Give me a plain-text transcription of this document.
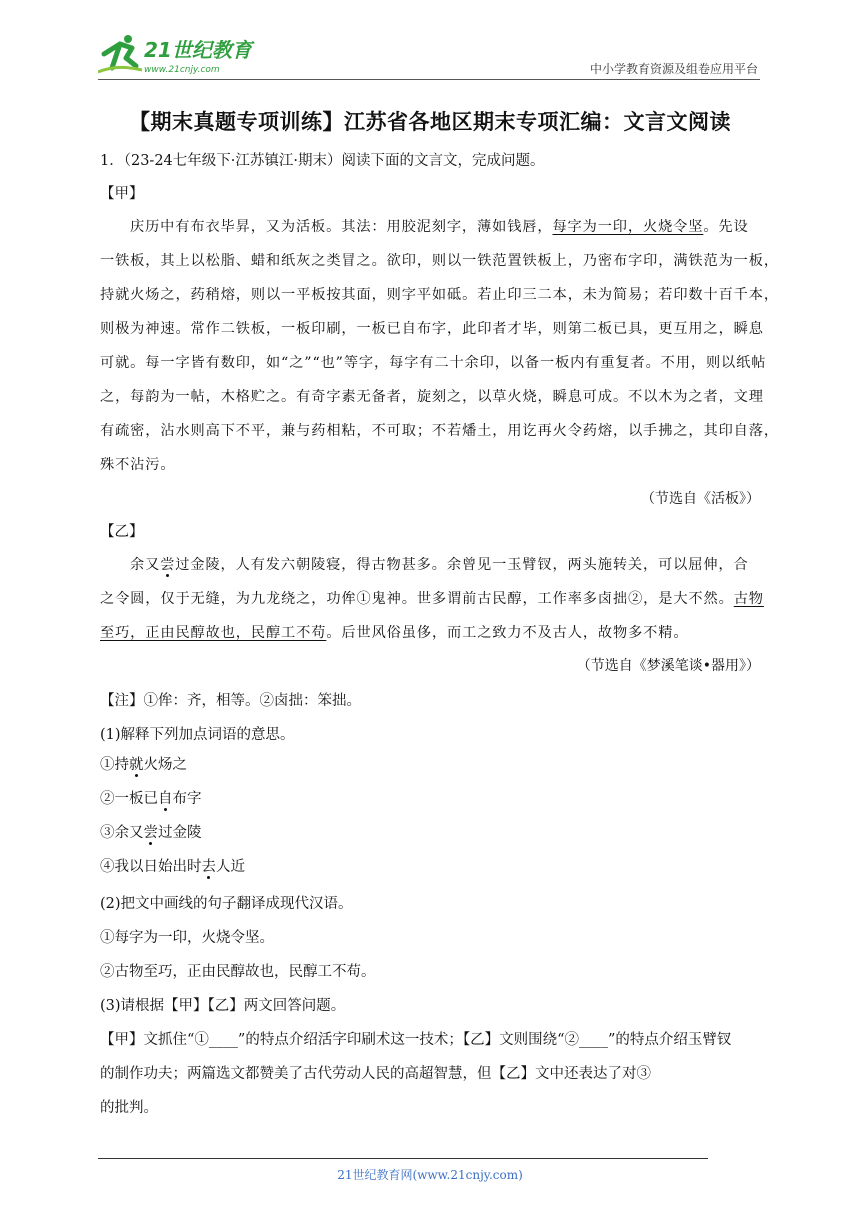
21世纪教育
www.21cnjy.com	中小学教育资源及组卷应用平台
【期末真题专项训练】江苏省各地区期末专项汇编：文言文阅读
1．（23-24七年级下·江苏镇江·期末）阅读下面的文言文，完成问题。
【甲】
庆历中有布衣毕昇，又为活板。其法：用胶泥刻字，薄如钱唇，每字为一印，火烧令坚。先设
一铁板，其上以松脂、蜡和纸灰之类冒之。欲印，则以一铁范置铁板上，乃密布字印，满铁范为一板，
持就火炀之，药稍熔，则以一平板按其面，则字平如砥。若止印三二本，未为简易；若印数十百千本，
则极为神速。常作二铁板，一板印刷，一板已自布字，此印者才毕，则第二板已具，更互用之，瞬息
可就。每一字皆有数印，如“之”“也”等字，每字有二十余印，以备一板内有重复者。不用，则以纸帖
之，每韵为一帖，木格贮之。有奇字素无备者，旋刻之，以草火烧，瞬息可成。不以木为之者，文理
有疏密，沾水则高下不平，兼与药相粘，不可取；不若燔土，用讫再火令药熔，以手拂之，其印自落，
殊不沾污。
（节选自《活板》）
【乙】
余又尝过金陵，人有发六朝陵寝，得古物甚多。余曾见一玉臂钗，两头施转关，可以屈伸，合
之令圆，仅于无缝，为九龙绕之，功侔①鬼神。世多谓前古民醇，工作率多卤拙②，是大不然。古物
至巧，正由民醇故也，民醇工不苟。后世风俗虽侈，而工之致力不及古人，故物多不精。
（节选自《梦溪笔谈•器用》）
【注】①侔：齐，相等。②卤拙：笨拙。
(1)解释下列加点词语的意思。
①持就火炀之
②一板已自布字
③余又尝过金陵
④我以日始出时去人近
(2)把文中画线的句子翻译成现代汉语。
①每字为一印，火烧令坚。
②古物至巧，正由民醇故也，民醇工不苟。
(3)请根据【甲】【乙】两文回答问题。
【甲】文抓住“①____”的特点介绍活字印刷术这一技术；【乙】文则围绕“②____”的特点介绍玉臂钗
的制作功夫；两篇选文都赞美了古代劳动人民的高超智慧，但【乙】文中还表达了对③
的批判。
21世纪教育网(www.21cnjy.com)
